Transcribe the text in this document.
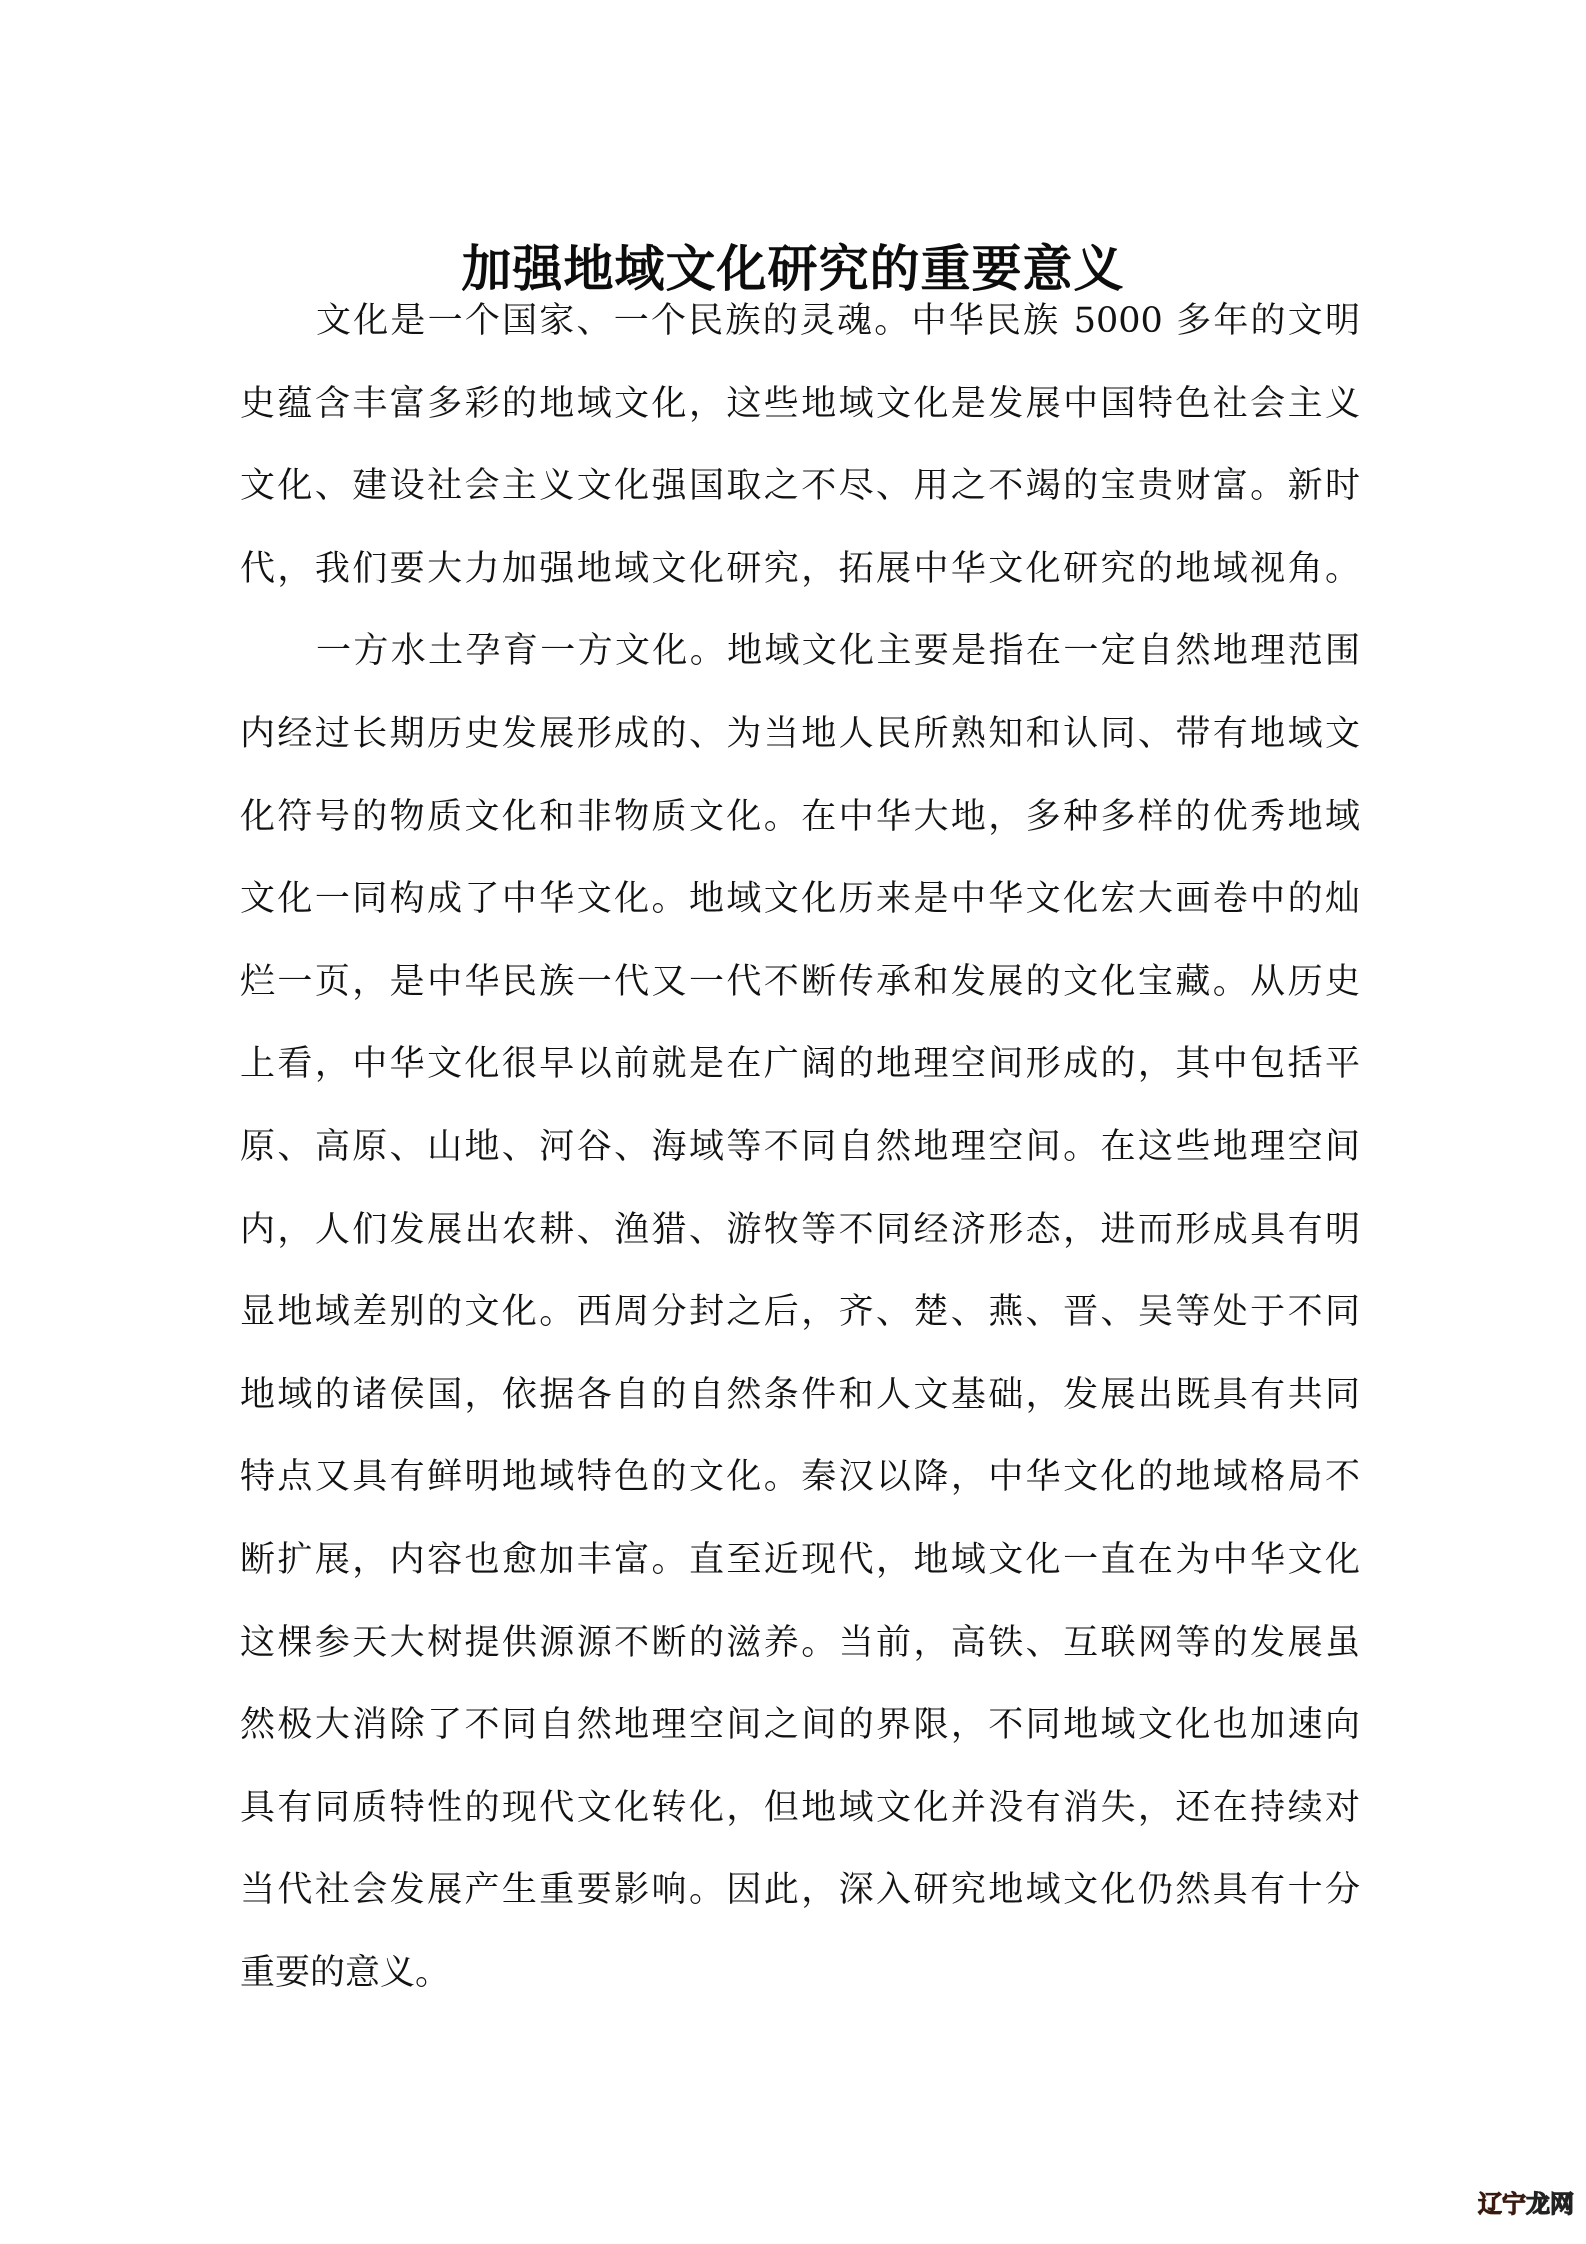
加强地域文化研究的重要意义
文化是一个国家、一个民族的灵魂。中华民族 5000 多年的文明
史蕴含丰富多彩的地域文化，这些地域文化是发展中国特色社会主义
文化、建设社会主义文化强国取之不尽、用之不竭的宝贵财富。新时
代，我们要大力加强地域文化研究，拓展中华文化研究的地域视角。
一方水土孕育一方文化。地域文化主要是指在一定自然地理范围
内经过长期历史发展形成的、为当地人民所熟知和认同、带有地域文
化符号的物质文化和非物质文化。在中华大地，多种多样的优秀地域
文化一同构成了中华文化。地域文化历来是中华文化宏大画卷中的灿
烂一页，是中华民族一代又一代不断传承和发展的文化宝藏。从历史
上看，中华文化很早以前就是在广阔的地理空间形成的，其中包括平
原、高原、山地、河谷、海域等不同自然地理空间。在这些地理空间
内，人们发展出农耕、渔猎、游牧等不同经济形态，进而形成具有明
显地域差别的文化。西周分封之后，齐、楚、燕、晋、吴等处于不同
地域的诸侯国，依据各自的自然条件和人文基础，发展出既具有共同
特点又具有鲜明地域特色的文化。秦汉以降，中华文化的地域格局不
断扩展，内容也愈加丰富。直至近现代，地域文化一直在为中华文化
这棵参天大树提供源源不断的滋养。当前，高铁、互联网等的发展虽
然极大消除了不同自然地理空间之间的界限，不同地域文化也加速向
具有同质特性的现代文化转化，但地域文化并没有消失，还在持续对
当代社会发展产生重要影响。因此，深入研究地域文化仍然具有十分
重要的意义。
辽宁 龙网
